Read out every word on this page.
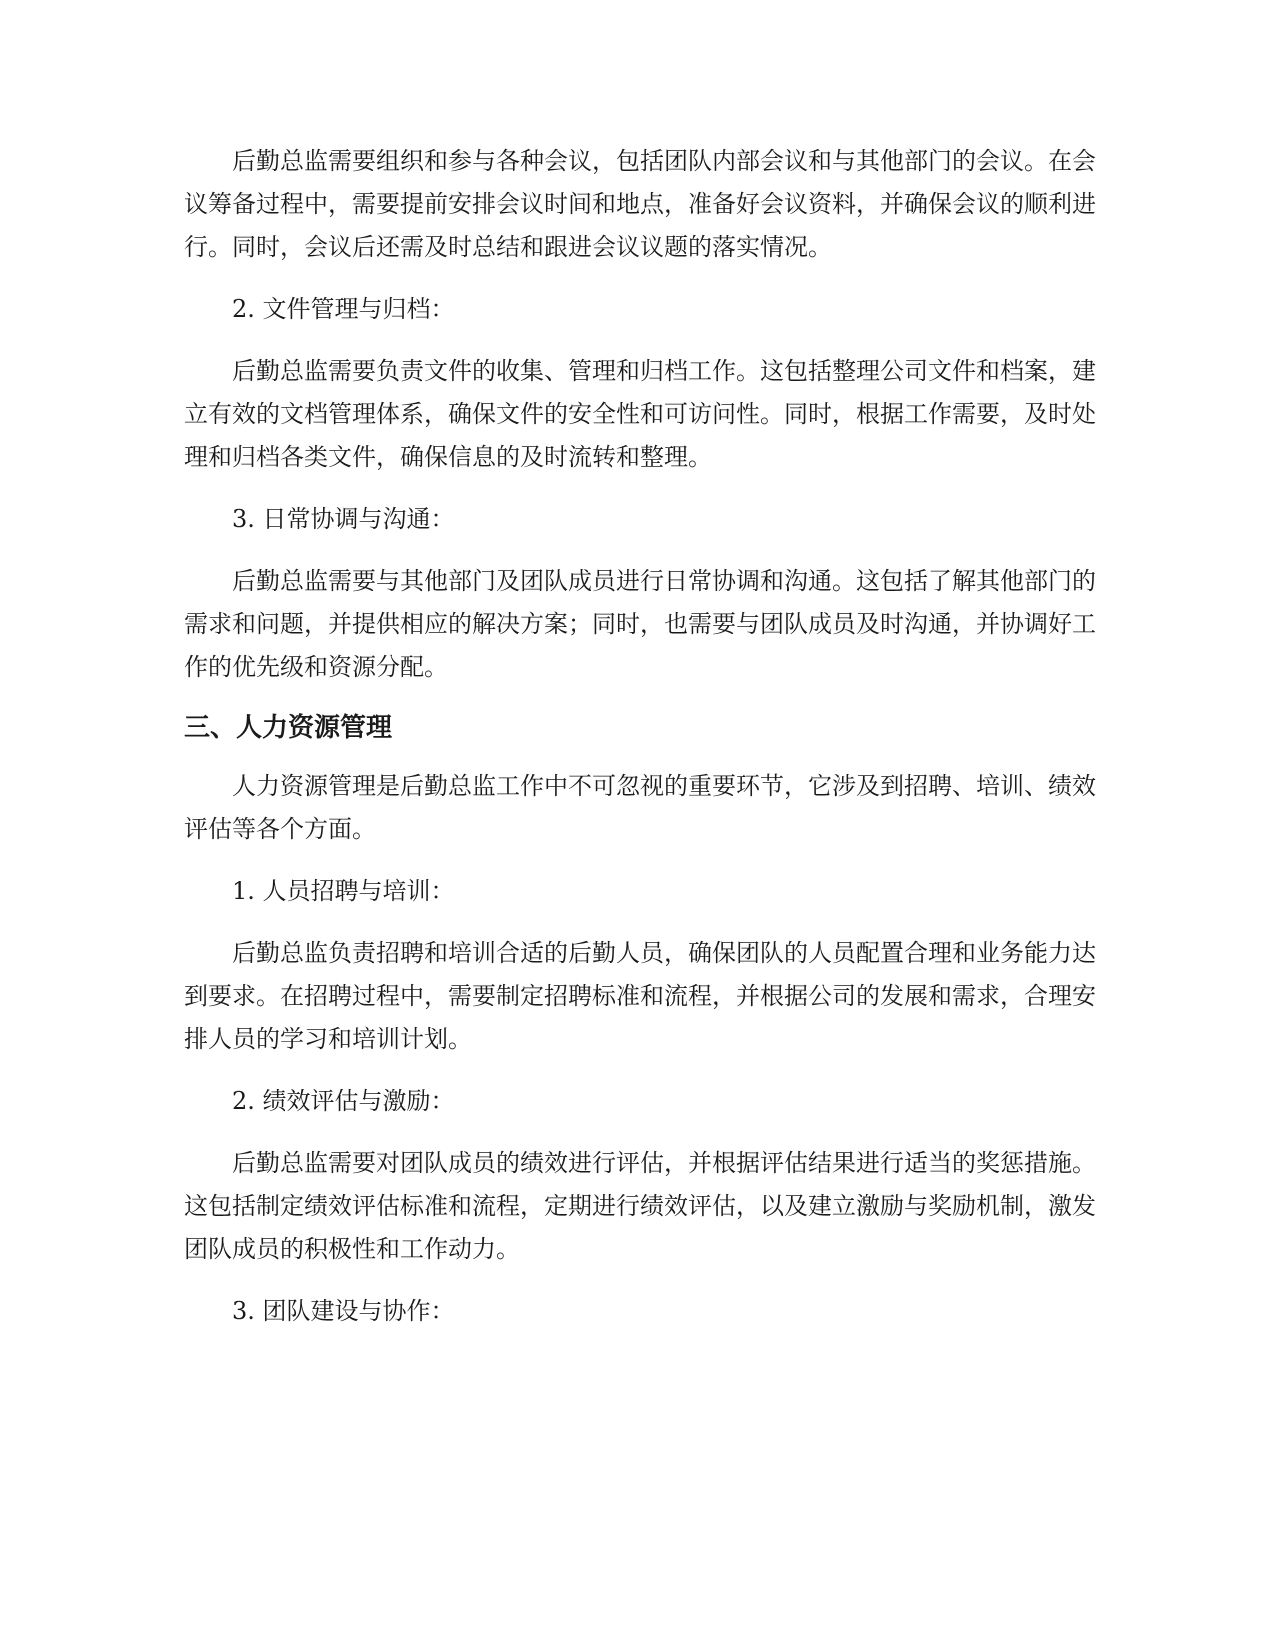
后勤总监需要组织和参与各种会议，包括团队内部会议和与其他部门的会议。在会议筹备过程中，需要提前安排会议时间和地点，准备好会议资料，并确保会议的顺利进行。同时，会议后还需及时总结和跟进会议议题的落实情况。

2. 文件管理与归档：

后勤总监需要负责文件的收集、管理和归档工作。这包括整理公司文件和档案，建立有效的文档管理体系，确保文件的安全性和可访问性。同时，根据工作需要，及时处理和归档各类文件，确保信息的及时流转和整理。

3. 日常协调与沟通：

后勤总监需要与其他部门及团队成员进行日常协调和沟通。这包括了解其他部门的需求和问题，并提供相应的解决方案；同时，也需要与团队成员及时沟通，并协调好工作的优先级和资源分配。

三、人力资源管理

人力资源管理是后勤总监工作中不可忽视的重要环节，它涉及到招聘、培训、绩效评估等各个方面。

1. 人员招聘与培训：

后勤总监负责招聘和培训合适的后勤人员，确保团队的人员配置合理和业务能力达到要求。在招聘过程中，需要制定招聘标准和流程，并根据公司的发展和需求，合理安排人员的学习和培训计划。

2. 绩效评估与激励：

后勤总监需要对团队成员的绩效进行评估，并根据评估结果进行适当的奖惩措施。这包括制定绩效评估标准和流程，定期进行绩效评估，以及建立激励与奖励机制，激发团队成员的积极性和工作动力。

3. 团队建设与协作：
